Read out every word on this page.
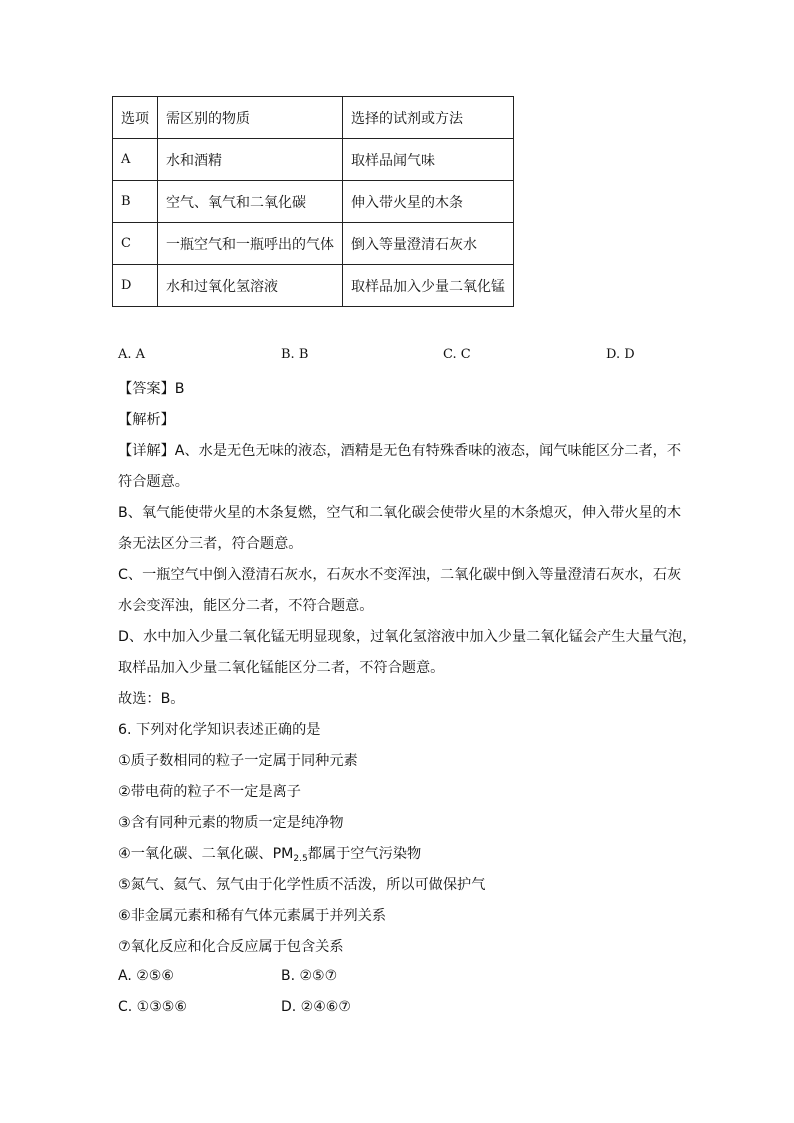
选项	需区别的物质	选择的试剂或方法
A	水和酒精	取样品闻气味
B	空气、氧气和二氧化碳	伸入带火星的木条
C	一瓶空气和一瓶呼出的气体	倒入等量澄清石灰水
D	水和过氧化氢溶液	取样品加入少量二氧化锰
A. A	B. B	C. C	D. D
【答案】B
【解析】
【详解】A、水是无色无味的液态，酒精是无色有特殊香味的液态，闻气味能区分二者，不
符合题意。
B、氧气能使带火星的木条复燃，空气和二氧化碳会使带火星的木条熄灭，伸入带火星的木
条无法区分三者，符合题意。
C、一瓶空气中倒入澄清石灰水，石灰水不变浑浊，二氧化碳中倒入等量澄清石灰水，石灰
水会变浑浊，能区分二者，不符合题意。
D、水中加入少量二氧化锰无明显现象，过氧化氢溶液中加入少量二氧化锰会产生大量气泡，
取样品加入少量二氧化锰能区分二者，不符合题意。
故选：B。
6. 下列对化学知识表述正确的是
①质子数相同的粒子一定属于同种元素
②带电荷的粒子不一定是离子
③含有同种元素的物质一定是纯净物
④一氧化碳、二氧化碳、$PM_{2.5}$都属于空气污染物
⑤氮气、氦气、氖气由于化学性质不活泼，所以可做保护气
⑥非金属元素和稀有气体元素属于并列关系
⑦氧化反应和化合反应属于包含关系
A. ②⑤⑥	B. ②⑤⑦
C. ①③⑤⑥	D. ②④⑥⑦
